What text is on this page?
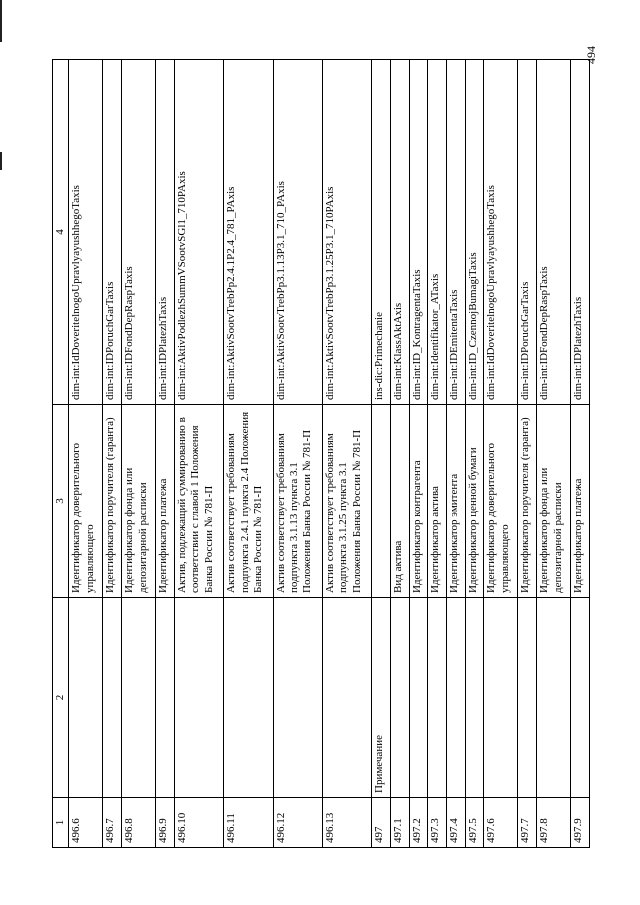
494
1	2	3	4
496.6		Идентификатор доверительного управляющего	dim-int:IdDoveritelnogoUpravlyayushhegoTaxis
496.7		Идентификатор поручителя (гаранта)	dim-int:IDPoruchGarTaxis
496.8		Идентификатор фонда или депозитарной расписки	dim-int:IDFondDepRaspTaxis
496.9		Идентификатор платежа	dim-int:IDPlatezhTaxis
496.10		Актив, подлежащий суммированию в соответствии с главой 1 Положения Банка России № 781-П	dim-int:AktivPodlezhSummVSootvSGl1_710PAxis
496.11		Актив соответствует требованиям подпункта 2.4.1 пункта 2.4 Положения Банка России № 781-П	dim-int:AktivSootvTrebPp2.4.1P2.4_781_PAxis
496.12		Актив соответствует требованиям подпункта 3.1.13 пункта 3.1 Положения Банка России № 781-П	dim-int:AktivSootvTrebPp3.1.13P3.1_710_PAxis
496.13		Актив соответствует требованиям подпункта 3.1.25 пункта 3.1 Положения Банка России № 781-П	dim-int:AktivSootvTrebPp3.1.25P3.1_710PAxis
497	Примечание		ins-dic:Primechanie
497.1		Вид актива	dim-int:KlassAktAxis
497.2		Идентификатор контрагента	dim-int:ID_KontragentaTaxis
497.3		Идентификатор актива	dim-int:Identifikator_ATaxis
497.4		Идентификатор эмитента	dim-int:IDEmitentaTaxis
497.5		Идентификатор ценной бумаги	dim-int:ID_CzennojBumagiTaxis
497.6		Идентификатор доверительного управляющего	dim-int:IdDoveritelnogoUpravlyayushhegoTaxis
497.7		Идентификатор поручителя (гаранта)	dim-int:IDPoruchGarTaxis
497.8		Идентификатор фонда или депозитарной расписки	dim-int:IDFondDepRaspTaxis
497.9		Идентификатор платежа	dim-int:IDPlatezhTaxis
